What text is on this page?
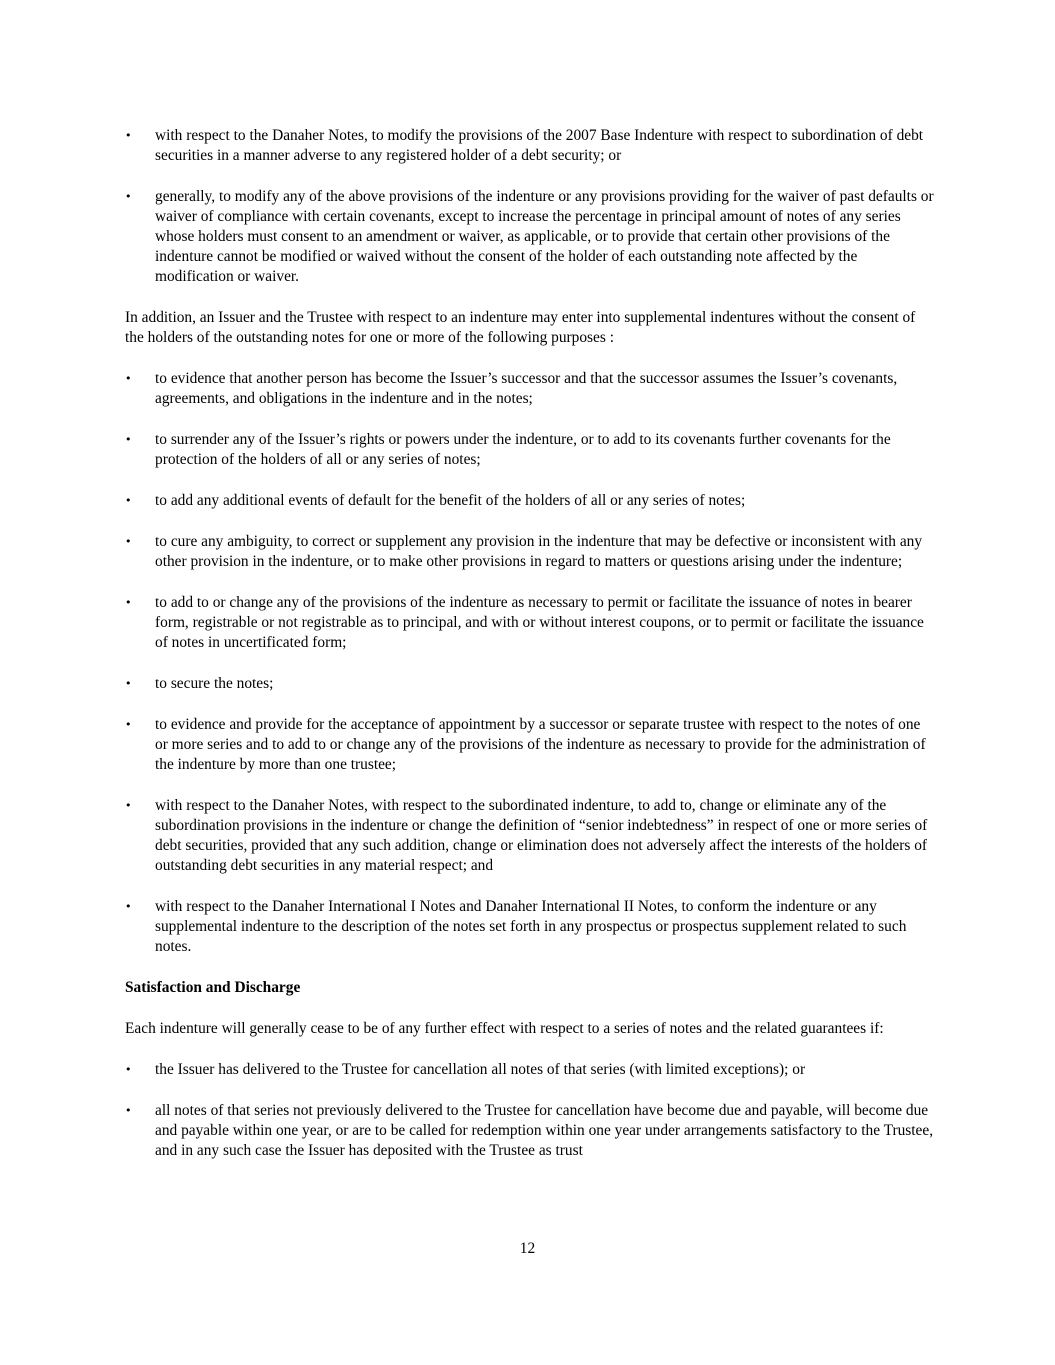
•	with respect to the Danaher Notes, to modify the provisions of the 2007 Base Indenture with respect to subordination of debt securities in a manner adverse to any registered holder of a debt security; or

•	generally, to modify any of the above provisions of the indenture or any provisions providing for the waiver of past defaults or waiver of compliance with certain covenants, except to increase the percentage in principal amount of notes of any series whose holders must consent to an amendment or waiver, as applicable, or to provide that certain other provisions of the indenture cannot be modified or waived without the consent of the holder of each outstanding note affected by the modification or waiver.

In addition, an Issuer and the Trustee with respect to an indenture may enter into supplemental indentures without the consent of the holders of the outstanding notes for one or more of the following purposes :

•	to evidence that another person has become the Issuer’s successor and that the successor assumes the Issuer’s covenants, agreements, and obligations in the indenture and in the notes;

•	to surrender any of the Issuer’s rights or powers under the indenture, or to add to its covenants further covenants for the protection of the holders of all or any series of notes;

•	to add any additional events of default for the benefit of the holders of all or any series of notes;

•	to cure any ambiguity, to correct or supplement any provision in the indenture that may be defective or inconsistent with any other provision in the indenture, or to make other provisions in regard to matters or questions arising under the indenture;

•	to add to or change any of the provisions of the indenture as necessary to permit or facilitate the issuance of notes in bearer form, registrable or not registrable as to principal, and with or without interest coupons, or to permit or facilitate the issuance of notes in uncertificated form;

•	to secure the notes;

•	to evidence and provide for the acceptance of appointment by a successor or separate trustee with respect to the notes of one or more series and to add to or change any of the provisions of the indenture as necessary to provide for the administration of the indenture by more than one trustee;

•	with respect to the Danaher Notes, with respect to the subordinated indenture, to add to, change or eliminate any of the subordination provisions in the indenture or change the definition of “senior indebtedness” in respect of one or more series of debt securities, provided that any such addition, change or elimination does not adversely affect the interests of the holders of outstanding debt securities in any material respect; and

•	with respect to the Danaher International I Notes and Danaher International II Notes, to conform the indenture or any supplemental indenture to the description of the notes set forth in any prospectus or prospectus supplement related to such notes.

Satisfaction and Discharge

Each indenture will generally cease to be of any further effect with respect to a series of notes and the related guarantees if:

•	the Issuer has delivered to the Trustee for cancellation all notes of that series (with limited exceptions); or

•	all notes of that series not previously delivered to the Trustee for cancellation have become due and payable, will become due and payable within one year, or are to be called for redemption within one year under arrangements satisfactory to the Trustee, and in any such case the Issuer has deposited with the Trustee as trust

12
